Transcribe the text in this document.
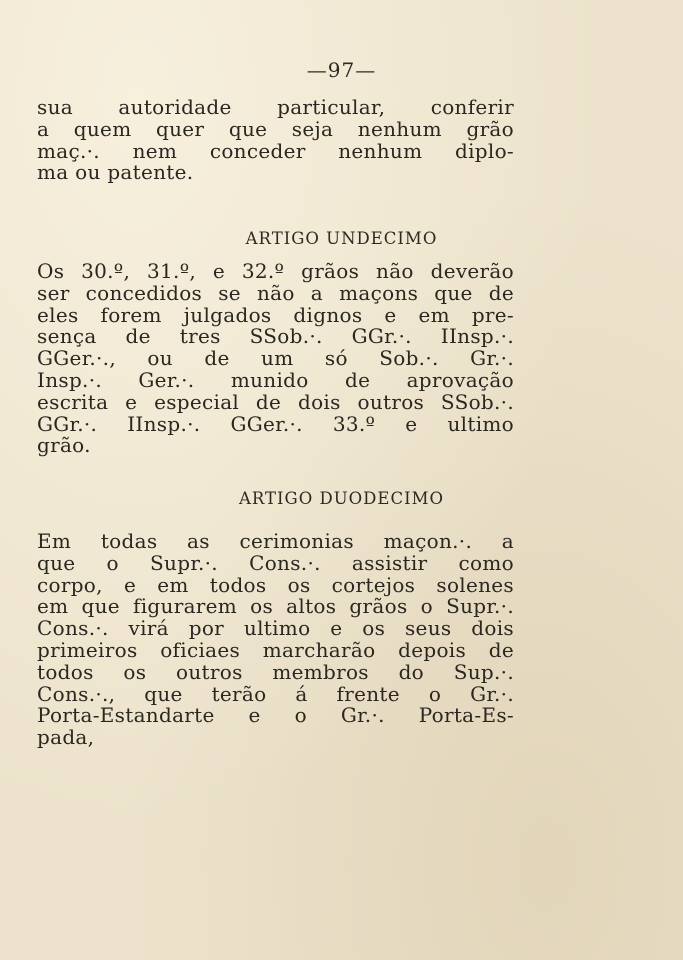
—97—
sua autoridade particular, conferir
a quem quer que seja nenhum grão
maç.·. nem conceder nenhum diplo-
ma ou patente.
ARTIGO UNDECIMO
Os 30.º, 31.º, e 32.º grãos não deverão
ser concedidos se não a maçons que de
eles forem julgados dignos e em pre-
sença de tres SSob.·. GGr.·. IInsp.·.
GGer.·., ou de um só Sob.·. Gr.·.
Insp.·. Ger.·. munido de aprovação
escrita e especial de dois outros SSob.·.
GGr.·. IInsp.·. GGer.·. 33.º e ultimo
grão.
ARTIGO DUODECIMO
Em todas as cerimonias maçon.·. a
que o Supr.·. Cons.·. assistir como
corpo, e em todos os cortejos solenes
em que figurarem os altos grãos o Supr.·.
Cons.·. virá por ultimo e os seus dois
primeiros oficiaes marcharão depois de
todos os outros membros do Sup.·.
Cons.·., que terão á frente o Gr.·.
Porta-Estandarte e o Gr.·. Porta-Es-
pada,
